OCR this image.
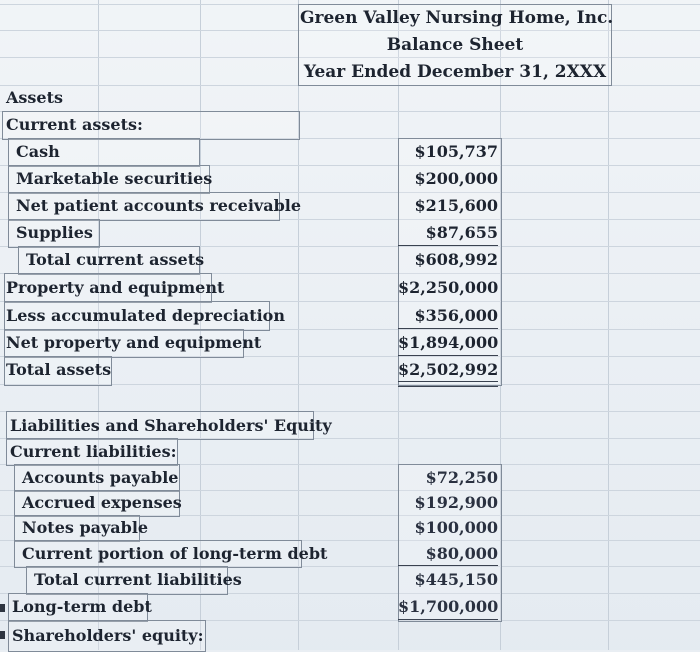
Green Valley Nursing Home, Inc.
Balance Sheet
Year Ended December 31, 2XXX
Assets
Current assets:
Cash	$105,737
Marketable securities	$200,000
Net patient accounts receivable	$215,600
Supplies	$87,655
Total current assets	$608,992
Property and equipment	$2,250,000
Less accumulated depreciation	$356,000
Net property and equipment	$1,894,000
Total assets	$2,502,992
Liabilities and Shareholders' Equity
Current liabilities:
Accounts payable	$72,250
Accrued expenses	$192,900
Notes payable	$100,000
Current portion of long-term debt	$80,000
Total current liabilities	$445,150
Long-term debt	$1,700,000
Shareholders' equity:
